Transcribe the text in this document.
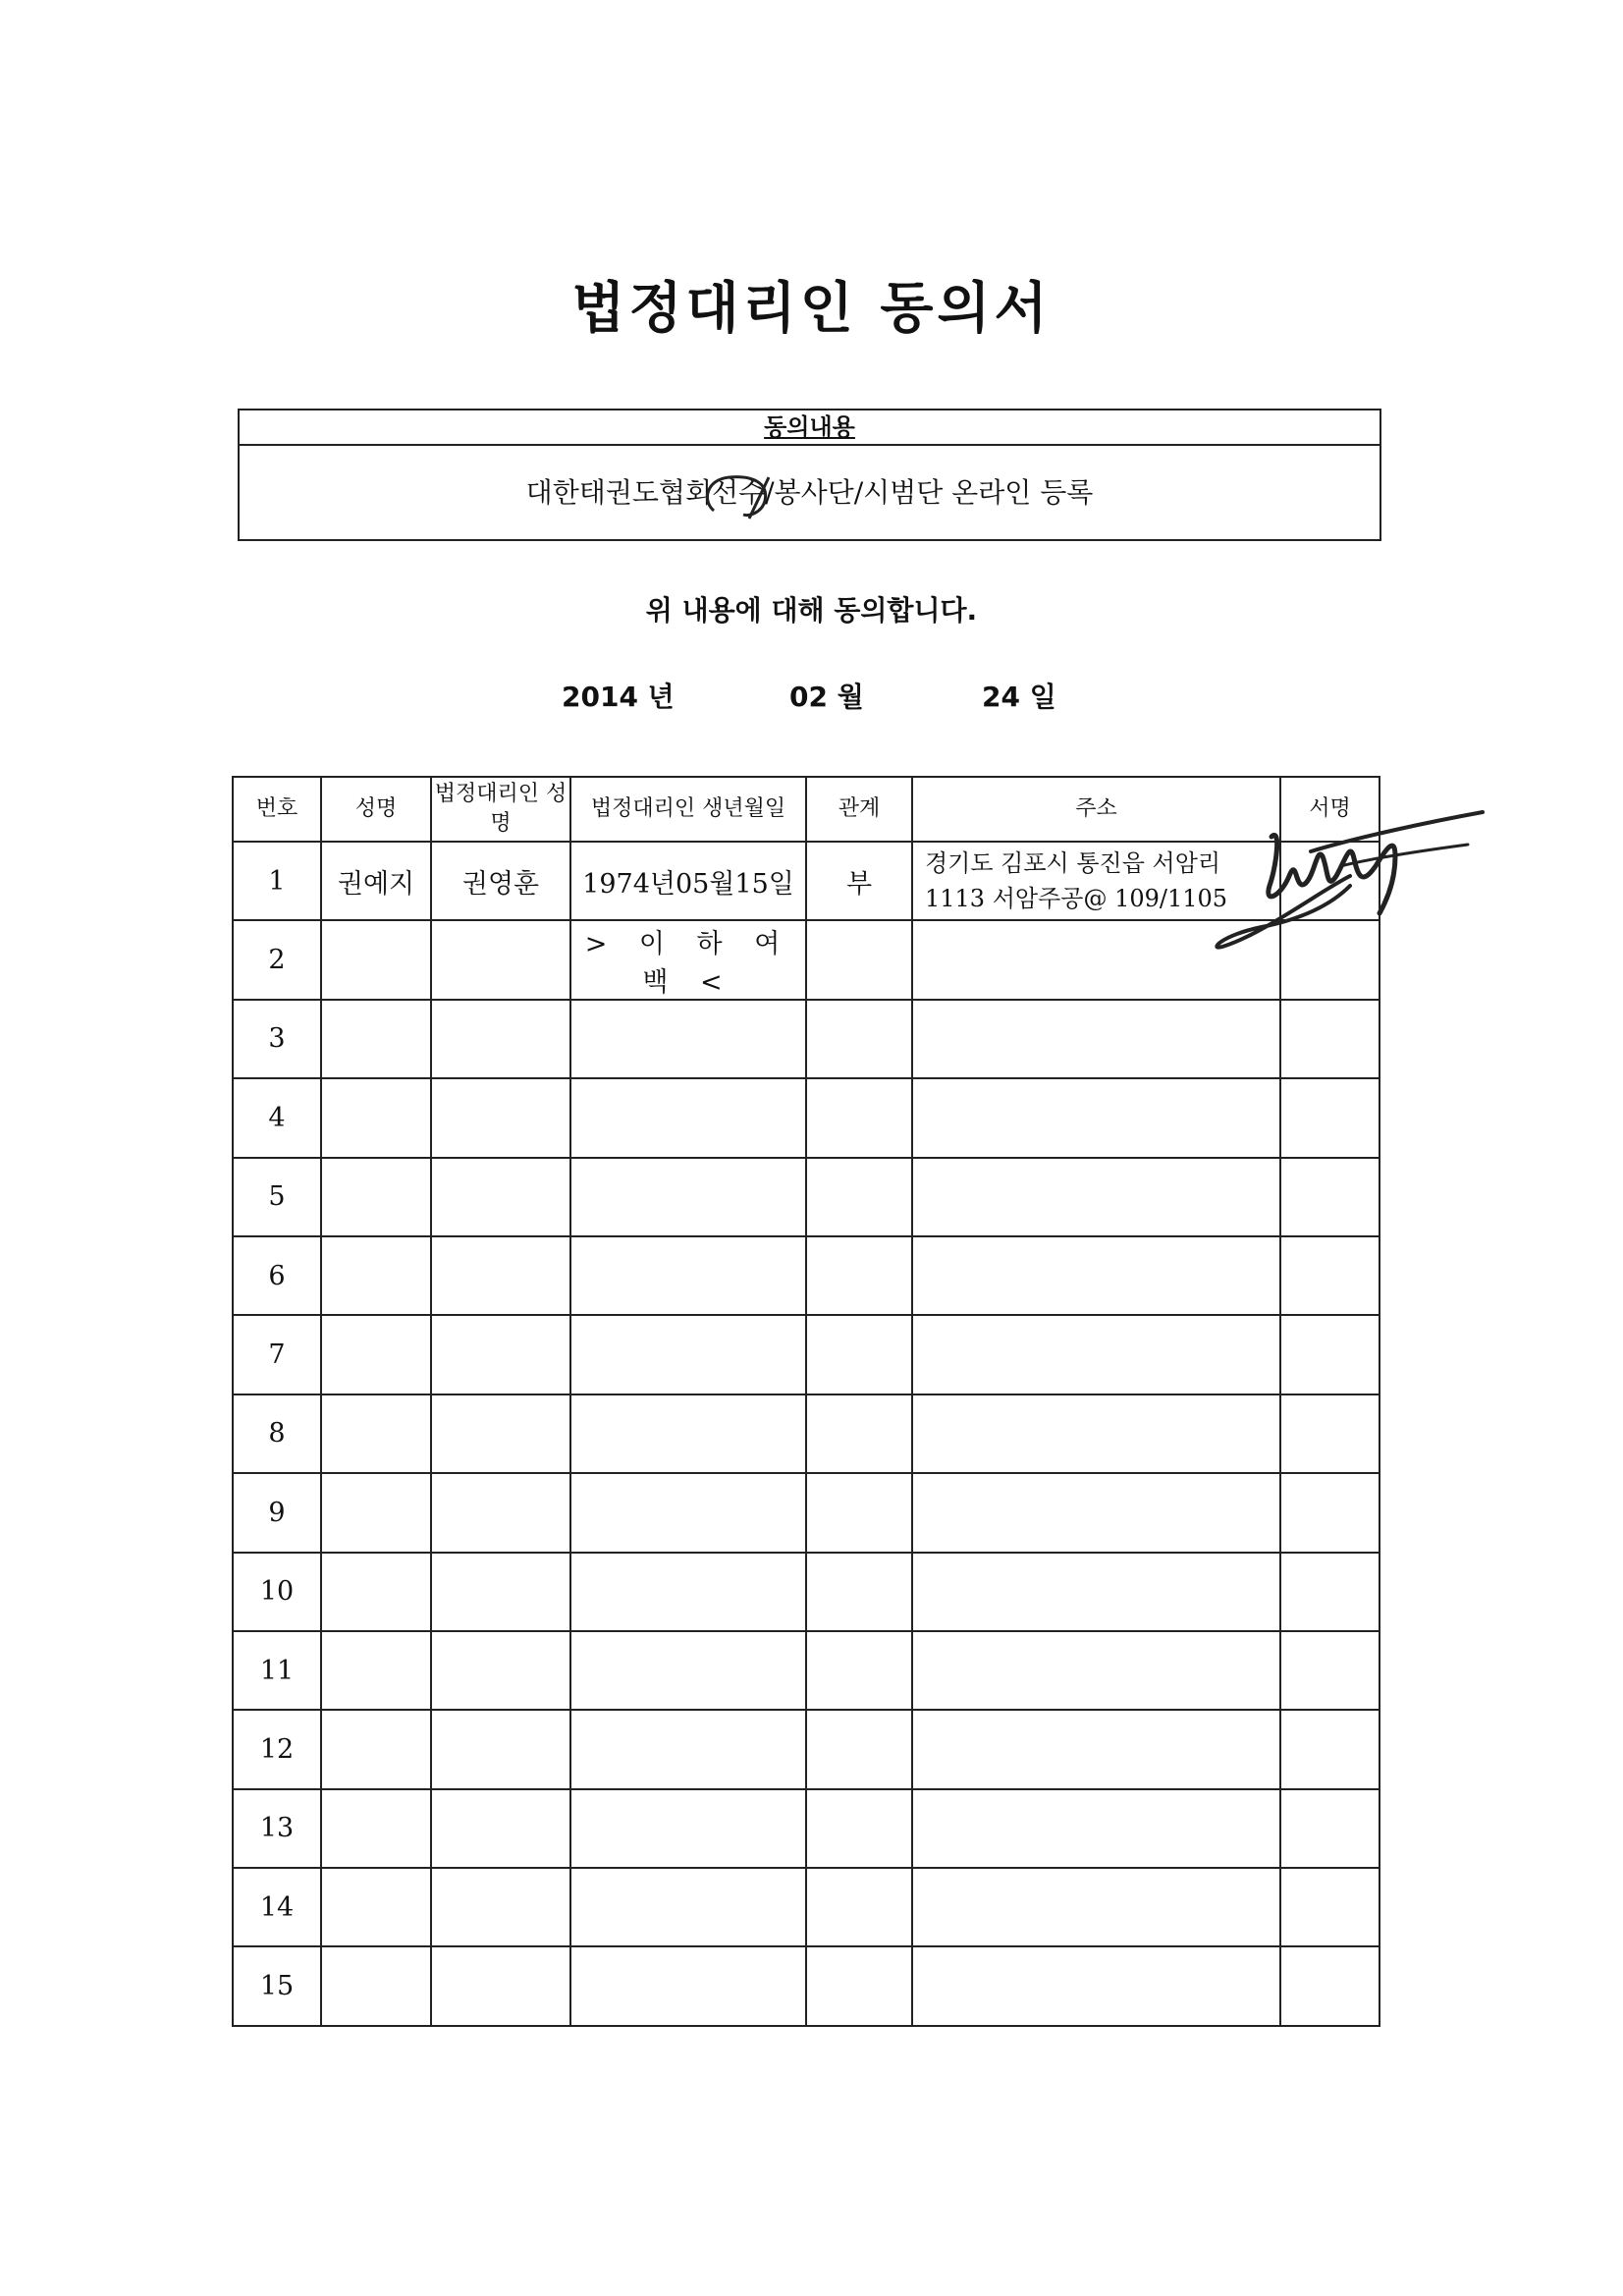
법정대리인 동의서
동의내용
대한태권도협회
선수/봉사단/시범단 온라인 등록
위 내용에 대해 동의합니다.
2014 년	02 월	24 일
번호	성명	법정대리인 성명	법정대리인 생년월일	관계	주소	서명
1	권예지	권영훈	1974년05월15일	부	경기도 김포시 통진읍 서암리
1113 서암주공@ 109/1105	

2			> 이 하 여 백 <			
3						
4						
5						
6						
7						
8						
9						
10						
11						
12						
13						
14						
15						
